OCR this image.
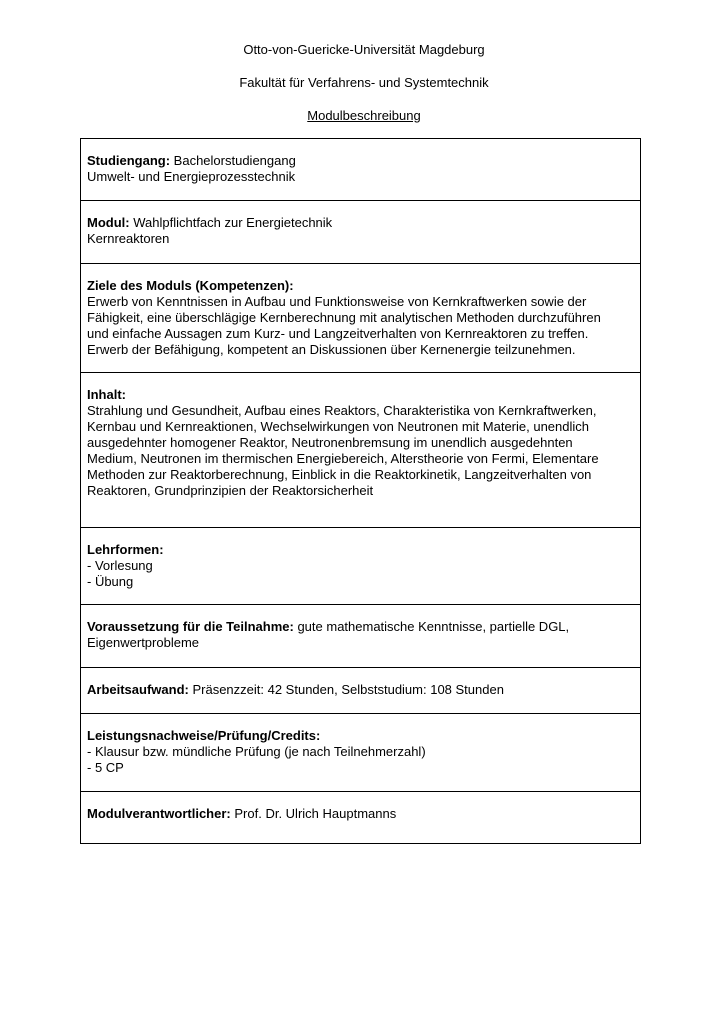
Otto-von-Guericke-Universität Magdeburg
Fakultät für Verfahrens- und Systemtechnik
Modulbeschreibung
Studiengang: Bachelorstudiengang
Umwelt- und Energieprozesstechnik
Modul: Wahlpflichtfach zur Energietechnik
Kernreaktoren
Ziele des Moduls (Kompetenzen):
Erwerb von Kenntnissen in Aufbau und Funktionsweise von Kernkraftwerken sowie der
Fähigkeit, eine überschlägige Kernberechnung mit analytischen Methoden durchzuführen
und einfache Aussagen zum Kurz- und Langzeitverhalten von Kernreaktoren zu treffen.
Erwerb der Befähigung, kompetent an Diskussionen über Kernenergie teilzunehmen.
Inhalt:
Strahlung und Gesundheit, Aufbau eines Reaktors, Charakteristika von Kernkraftwerken,
Kernbau und Kernreaktionen, Wechselwirkungen von Neutronen mit Materie, unendlich
ausgedehnter homogener Reaktor, Neutronenbremsung im unendlich ausgedehnten
Medium, Neutronen im thermischen Energiebereich, Alterstheorie von Fermi, Elementare
Methoden zur Reaktorberechnung, Einblick in die Reaktorkinetik, Langzeitverhalten von
Reaktoren, Grundprinzipien der Reaktorsicherheit
Lehrformen:
- Vorlesung
- Übung
Voraussetzung für die Teilnahme: gute mathematische Kenntnisse, partielle DGL,
Eigenwertprobleme
Arbeitsaufwand: Präsenzzeit: 42 Stunden, Selbststudium: 108 Stunden
Leistungsnachweise/Prüfung/Credits:
- Klausur bzw. mündliche Prüfung (je nach Teilnehmerzahl)
- 5 CP
Modulverantwortlicher: Prof. Dr. Ulrich Hauptmanns
